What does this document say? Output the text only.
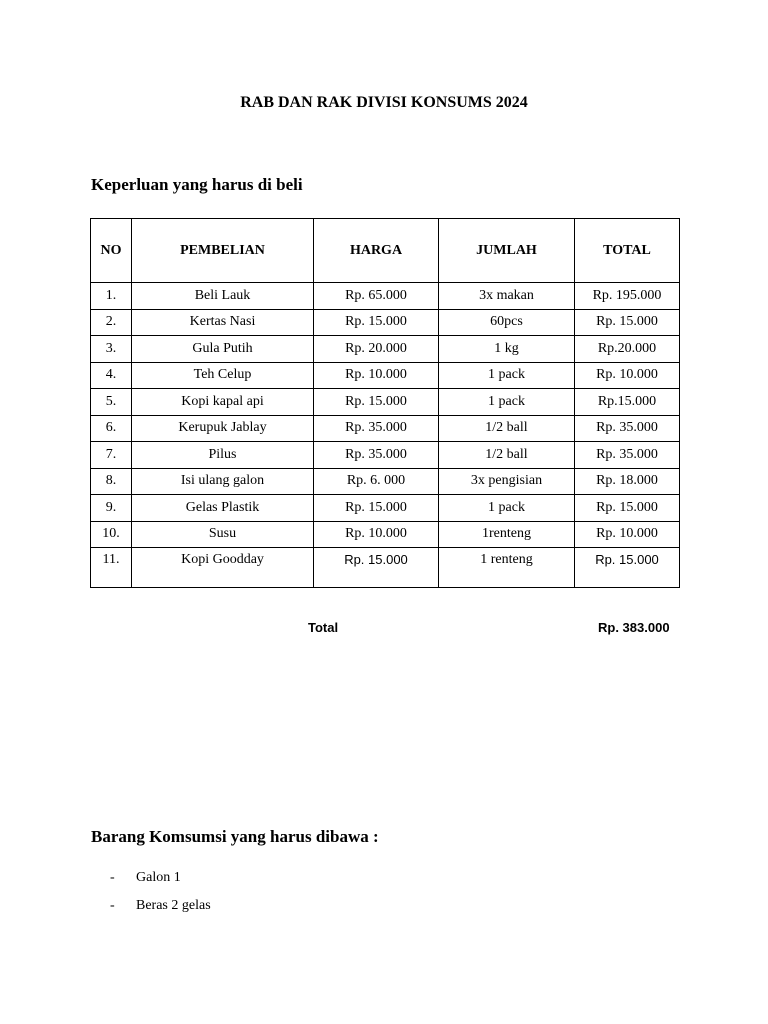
RAB DAN RAK DIVISI KONSUMS 2024
Keperluan yang harus di beli
NO	PEMBELIAN	HARGA	JUMLAH	TOTAL
1.	Beli Lauk	Rp. 65.000	3x makan	Rp. 195.000
2.	Kertas Nasi	Rp. 15.000	60pcs	Rp. 15.000
3.	Gula Putih	Rp. 20.000	1 kg	Rp.20.000
4.	Teh Celup	Rp. 10.000	1 pack	Rp. 10.000
5.	Kopi kapal api	Rp. 15.000	1 pack	Rp.15.000
6.	Kerupuk Jablay	Rp. 35.000	1/2 ball	Rp. 35.000
7.	Pilus	Rp. 35.000	1/2 ball	Rp. 35.000
8.	Isi ulang galon	Rp. 6. 000	3x pengisian	Rp. 18.000
9.	Gelas Plastik	Rp. 15.000	1 pack	Rp. 15.000
10.	Susu	Rp. 10.000	1renteng	Rp. 10.000
11.	Kopi Goodday	Rp. 15.000	1 renteng	Rp. 15.000
Total	Rp. 383.000
Barang Komsumsi yang harus dibawa :
-	Galon 1
-	Beras 2 gelas
